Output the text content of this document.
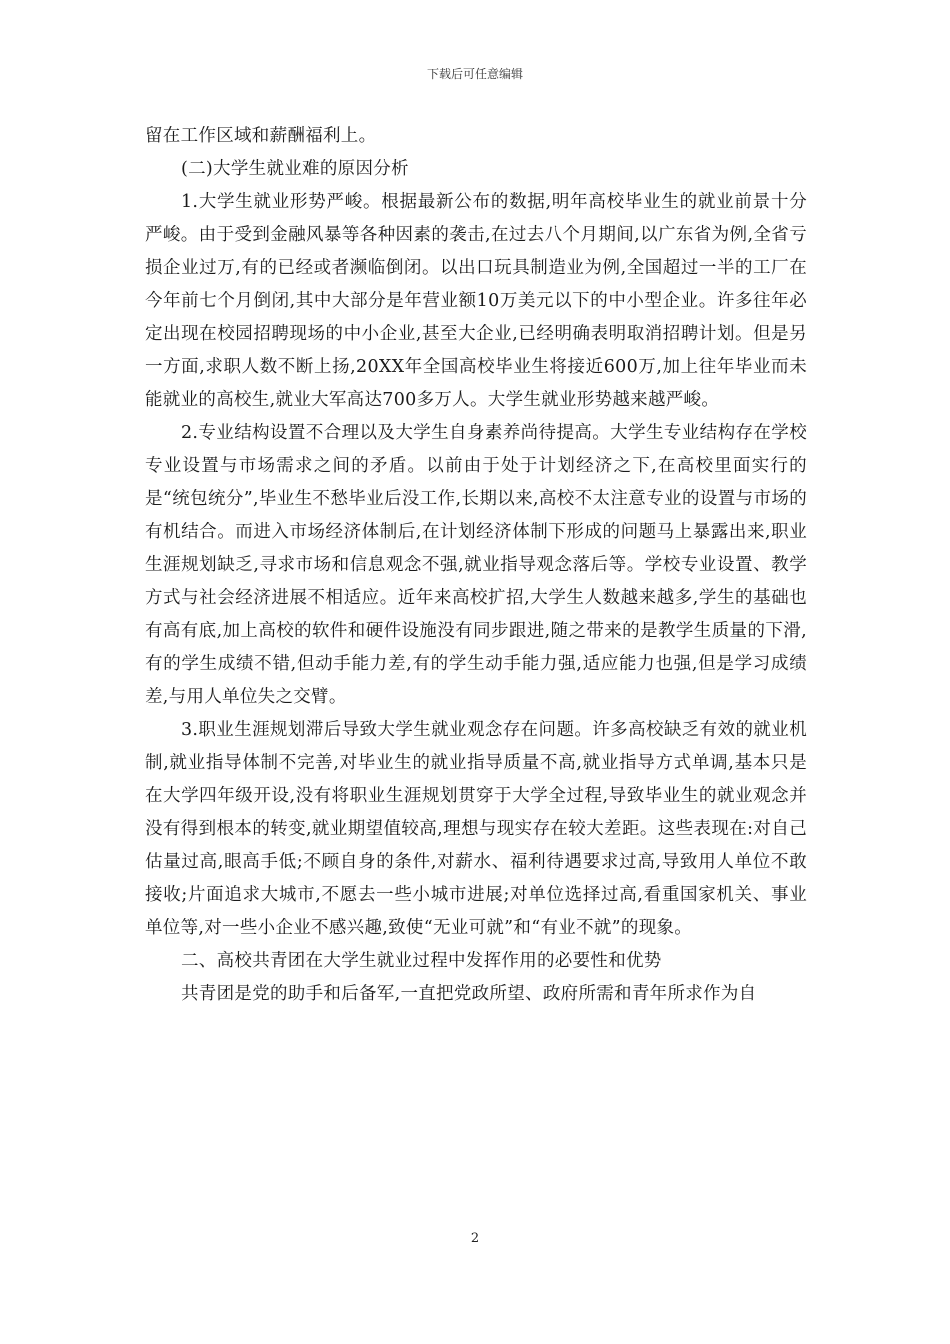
下载后可任意编辑

留在工作区域和薪酬福利上。

(二)大学生就业难的原因分析

1.大学生就业形势严峻。根据最新公布的数据,明年高校毕业生的就业前景十分严峻。由于受到金融风暴等各种因素的袭击,在过去八个月期间,以广东省为例,全省亏损企业过万,有的已经或者濒临倒闭。以出口玩具制造业为例,全国超过一半的工厂在今年前七个月倒闭,其中大部分是年营业额10万美元以下的中小型企业。许多往年必定出现在校园招聘现场的中小企业,甚至大企业,已经明确表明取消招聘计划。但是另一方面,求职人数不断上扬,20XX年全国高校毕业生将接近600万,加上往年毕业而未能就业的高校生,就业大军高达700多万人。大学生就业形势越来越严峻。

2.专业结构设置不合理以及大学生自身素养尚待提高。大学生专业结构存在学校专业设置与市场需求之间的矛盾。以前由于处于计划经济之下,在高校里面实行的是“统包统分”,毕业生不愁毕业后没工作,长期以来,高校不太注意专业的设置与市场的有机结合。而进入市场经济体制后,在计划经济体制下形成的问题马上暴露出来,职业生涯规划缺乏,寻求市场和信息观念不强,就业指导观念落后等。学校专业设置、教学方式与社会经济进展不相适应。近年来高校扩招,大学生人数越来越多,学生的基础也有高有底,加上高校的软件和硬件设施没有同步跟进,随之带来的是教学生质量的下滑,有的学生成绩不错,但动手能力差,有的学生动手能力强,适应能力也强,但是学习成绩差,与用人单位失之交臂。

3.职业生涯规划滞后导致大学生就业观念存在问题。许多高校缺乏有效的就业机制,就业指导体制不完善,对毕业生的就业指导质量不高,就业指导方式单调,基本只是在大学四年级开设,没有将职业生涯规划贯穿于大学全过程,导致毕业生的就业观念并没有得到根本的转变,就业期望值较高,理想与现实存在较大差距。这些表现在:对自己估量过高,眼高手低;不顾自身的条件,对薪水、福利待遇要求过高,导致用人单位不敢接收;片面追求大城市,不愿去一些小城市进展;对单位选择过高,看重国家机关、事业单位等,对一些小企业不感兴趣,致使“无业可就”和“有业不就”的现象。

二、高校共青团在大学生就业过程中发挥作用的必要性和优势

共青团是党的助手和后备军,一直把党政所望、政府所需和青年所求作为自

2
